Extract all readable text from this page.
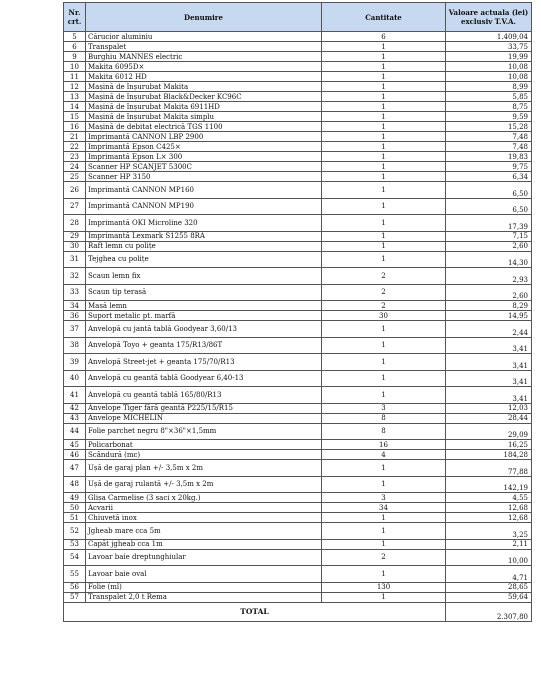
Nr. crt.	Denumire	Cantitate	Valoare actuala (lei) exclusiv T.V.A.
5	Cărucior aluminiu	6	1.409,04
6	Transpalet	1	33,75
9	Burghiu MANNES electric	1	19,99
10	Makita 6095D×	1	10,08
11	Makita 6012 HD	1	10,08
12	Mașină de înșurubat Makita	1	8,99
13	Mașină de înșurubat Black&Decker KC96C	1	5,85
14	Mașină de înșurubat Makita 6911HD	1	8,75
15	Mașină de înșurubat Makita simplu	1	9,59
16	Mașină de debitat electrică TGS 1100	1	15,28
21	Imprimantă CANNON LBP 2900	1	7,48
22	Imprimantă Epson C425×	1	7,48
23	Imprimantă Epson L× 300	1	19,83
24	Scanner HP SCANJET 5300C	1	9,75
25	Scanner HP 3150	1	6,34
26	Imprimantă CANNON MP160	1	6,50
27	Imprimantă CANNON MP190	1	6,50
28	Imprimantă OKI Microline 320	1	17,39
29	Imprimantă Lexmark S1255 8RA	1	7,15
30	Raft lemn cu polițe	1	2,60
31	Tejghea cu polițe	1	14,30
32	Scaun lemn fix	2	2,93
33	Scaun tip terasă	2	2,60
34	Masă lemn	2	8,29
36	Suport metalic pt. marfă	30	14,95
37	Anvelopă cu jantă tablă Goodyear 3,60/13	1	2,44
38	Anvelopă Toyo + geanta 175/R13/86T	1	3,41
39	Anvelopă Street-jet + geanta 175/70/R13	1	3,41
40	Anvelopă cu geantă tablă Goodyear 6,40-13	1	3,41
41	Anvelopă cu geantă tablă 165/80/R13	1	3,41
42	Anvelope Tiger fără geantă P225/15/R15	3	12,03
43	Anvelope MICHELIN	8	28,44
44	Folie parchet negru 8"×36"×1,5mm	8	29,09
45	Policarbonat	16	16,25
46	Scândură (mc)	4	184,28
47	Ușă de garaj plan +/- 3,5m x 2m	1	77,88
48	Ușă de garaj rulantă +/- 3,5m x 2m	1	142,19
49	Glișa Carmelise (3 saci x 20kg.)	3	4,55
50	Acvarii	34	12,68
51	Chiuvetă inox	1	12,68
52	Jgheab mare cca 5m	1	3,25
53	Capăt jgheab cca 1m	1	2,11
54	Lavoar baie dreptunghiular	2	10,00
55	Lavoar baie oval	1	4,71
56	Folie (ml)	130	28,65
57	Transpalet 2,0 t Rema	1	59,64
TOTAL			2.307,80
